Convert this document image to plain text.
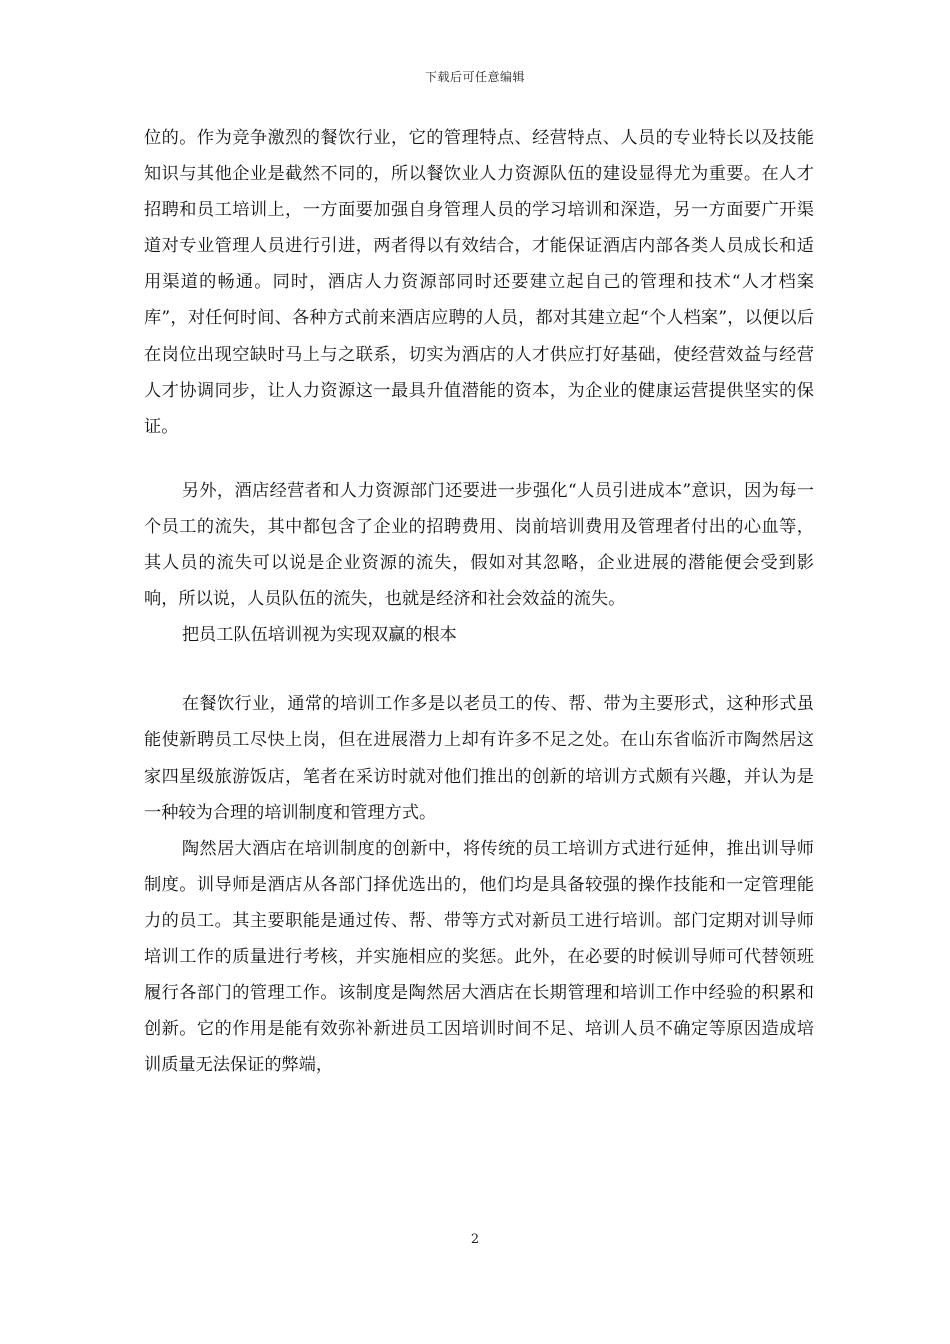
下载后可任意编辑

位的。作为竞争激烈的餐饮行业，它的管理特点、经营特点、人员的专业特长以及技能知识与其他企业是截然不同的，所以餐饮业人力资源队伍的建设显得尤为重要。在人才招聘和员工培训上，一方面要加强自身管理人员的学习培训和深造，另一方面要广开渠道对专业管理人员进行引进，两者得以有效结合，才能保证酒店内部各类人员成长和适用渠道的畅通。同时，酒店人力资源部同时还要建立起自己的管理和技术“人才档案库”，对任何时间、各种方式前来酒店应聘的人员，都对其建立起“个人档案”，以便以后在岗位出现空缺时马上与之联系，切实为酒店的人才供应打好基础，使经营效益与经营人才协调同步，让人力资源这一最具升值潜能的资本，为企业的健康运营提供坚实的保证。

另外，酒店经营者和人力资源部门还要进一步强化“人员引进成本”意识，因为每一个员工的流失，其中都包含了企业的招聘费用、岗前培训费用及管理者付出的心血等，其人员的流失可以说是企业资源的流失，假如对其忽略，企业进展的潜能便会受到影响，所以说，人员队伍的流失，也就是经济和社会效益的流失。

把员工队伍培训视为实现双赢的根本

在餐饮行业，通常的培训工作多是以老员工的传、帮、带为主要形式，这种形式虽能使新聘员工尽快上岗，但在进展潜力上却有许多不足之处。在山东省临沂市陶然居这家四星级旅游饭店，笔者在采访时就对他们推出的创新的培训方式颇有兴趣，并认为是一种较为合理的培训制度和管理方式。

陶然居大酒店在培训制度的创新中，将传统的员工培训方式进行延伸，推出训导师制度。训导师是酒店从各部门择优选出的，他们均是具备较强的操作技能和一定管理能力的员工。其主要职能是通过传、帮、带等方式对新员工进行培训。部门定期对训导师培训工作的质量进行考核，并实施相应的奖惩。此外，在必要的时候训导师可代替领班履行各部门的管理工作。该制度是陶然居大酒店在长期管理和培训工作中经验的积累和创新。它的作用是能有效弥补新进员工因培训时间不足、培训人员不确定等原因造成培训质量无法保证的弊端，

2
